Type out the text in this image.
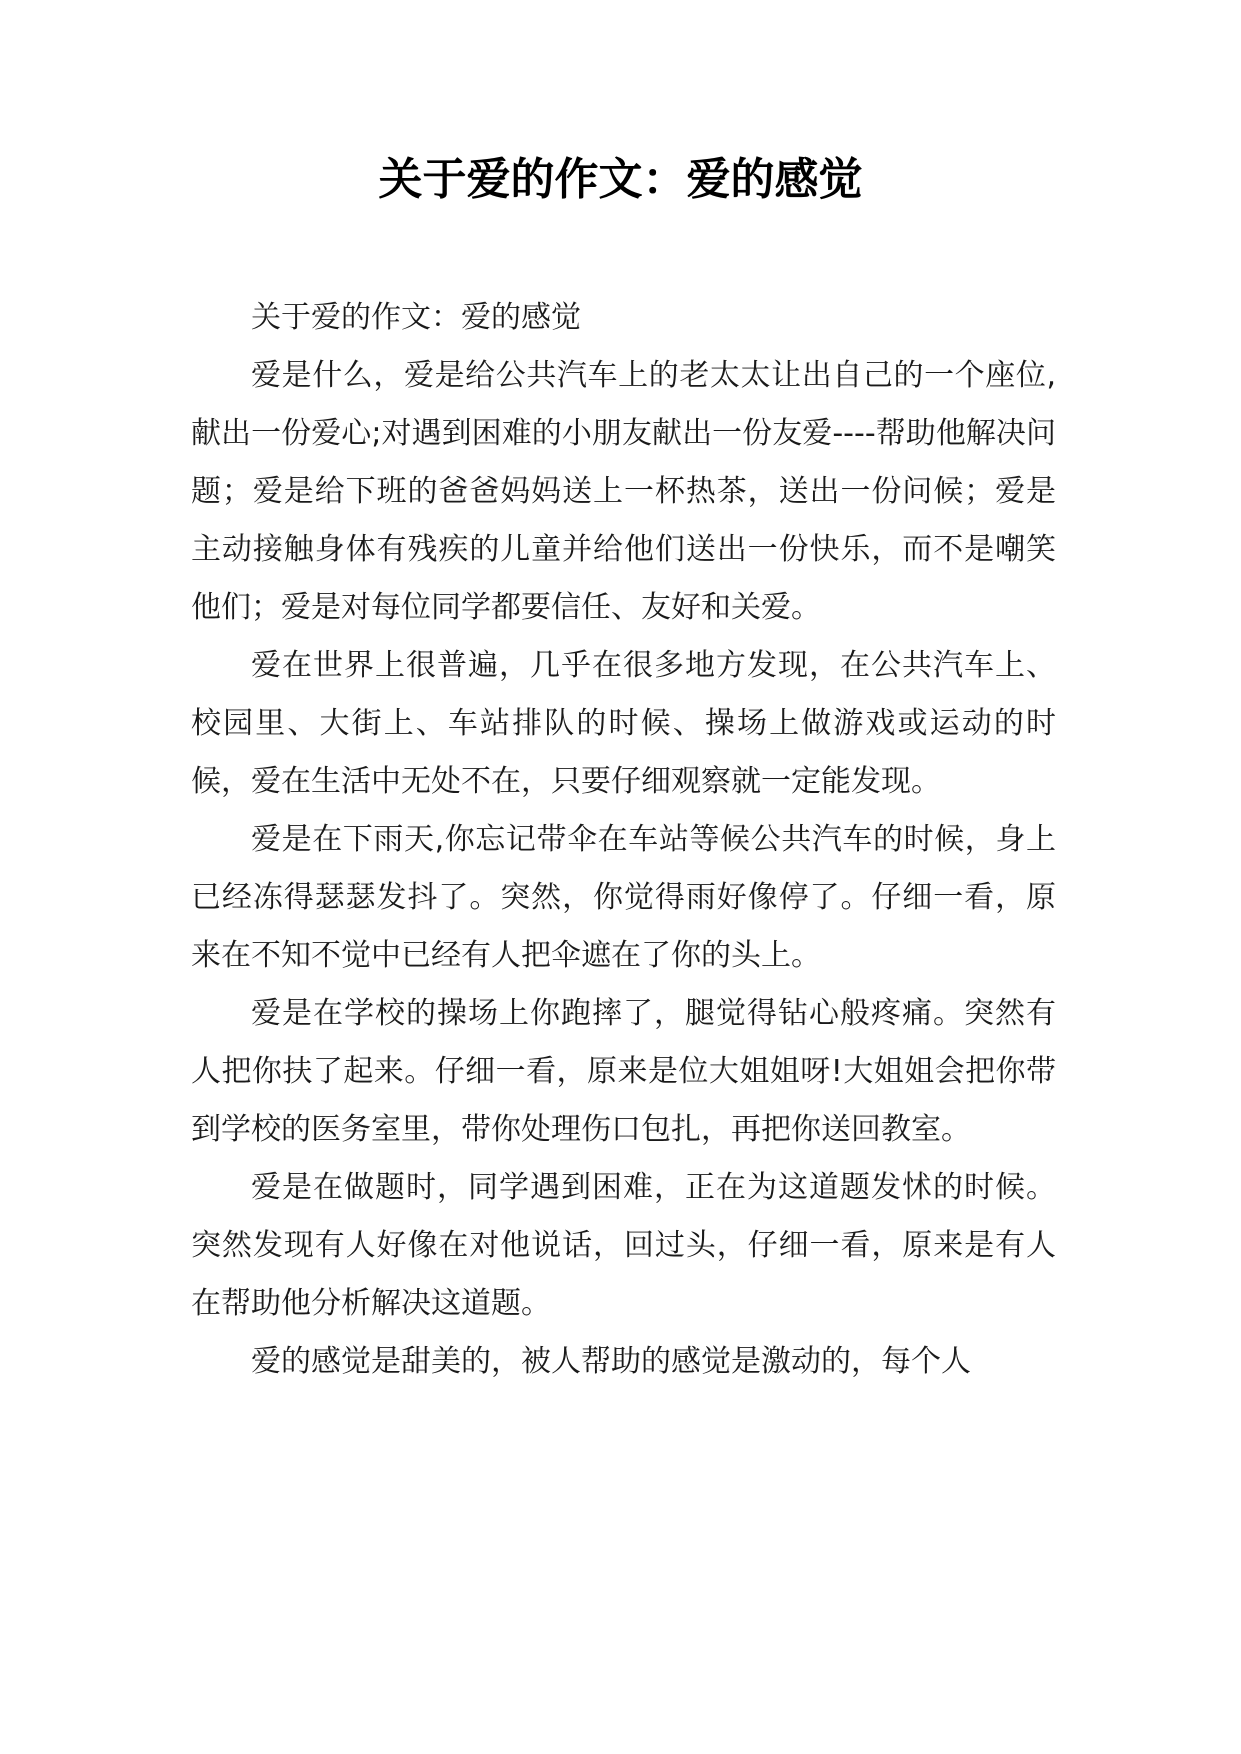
关于爱的作文：爱的感觉

关于爱的作文：爱的感觉

爱是什么，爱是给公共汽车上的老太太让出自己的一个座位,献出一份爱心;对遇到困难的小朋友献出一份友爱----帮助他解决问题；爱是给下班的爸爸妈妈送上一杯热茶，送出一份问候；爱是主动接触身体有残疾的儿童并给他们送出一份快乐，而不是嘲笑他们；爱是对每位同学都要信任、友好和关爱。

爱在世界上很普遍，几乎在很多地方发现，在公共汽车上、校园里、大街上、车站排队的时候、操场上做游戏或运动的时候，爱在生活中无处不在，只要仔细观察就一定能发现。

爱是在下雨天,你忘记带伞在车站等候公共汽车的时候，身上已经冻得瑟瑟发抖了。突然，你觉得雨好像停了。仔细一看，原来在不知不觉中已经有人把伞遮在了你的头上。

爱是在学校的操场上你跑摔了，腿觉得钻心般疼痛。突然有人把你扶了起来。仔细一看，原来是位大姐姐呀!大姐姐会把你带到学校的医务室里，带你处理伤口包扎，再把你送回教室。

爱是在做题时，同学遇到困难，正在为这道题发怵的时候。突然发现有人好像在对他说话，回过头，仔细一看，原来是有人在帮助他分析解决这道题。

爱的感觉是甜美的，被人帮助的感觉是激动的，每个人
